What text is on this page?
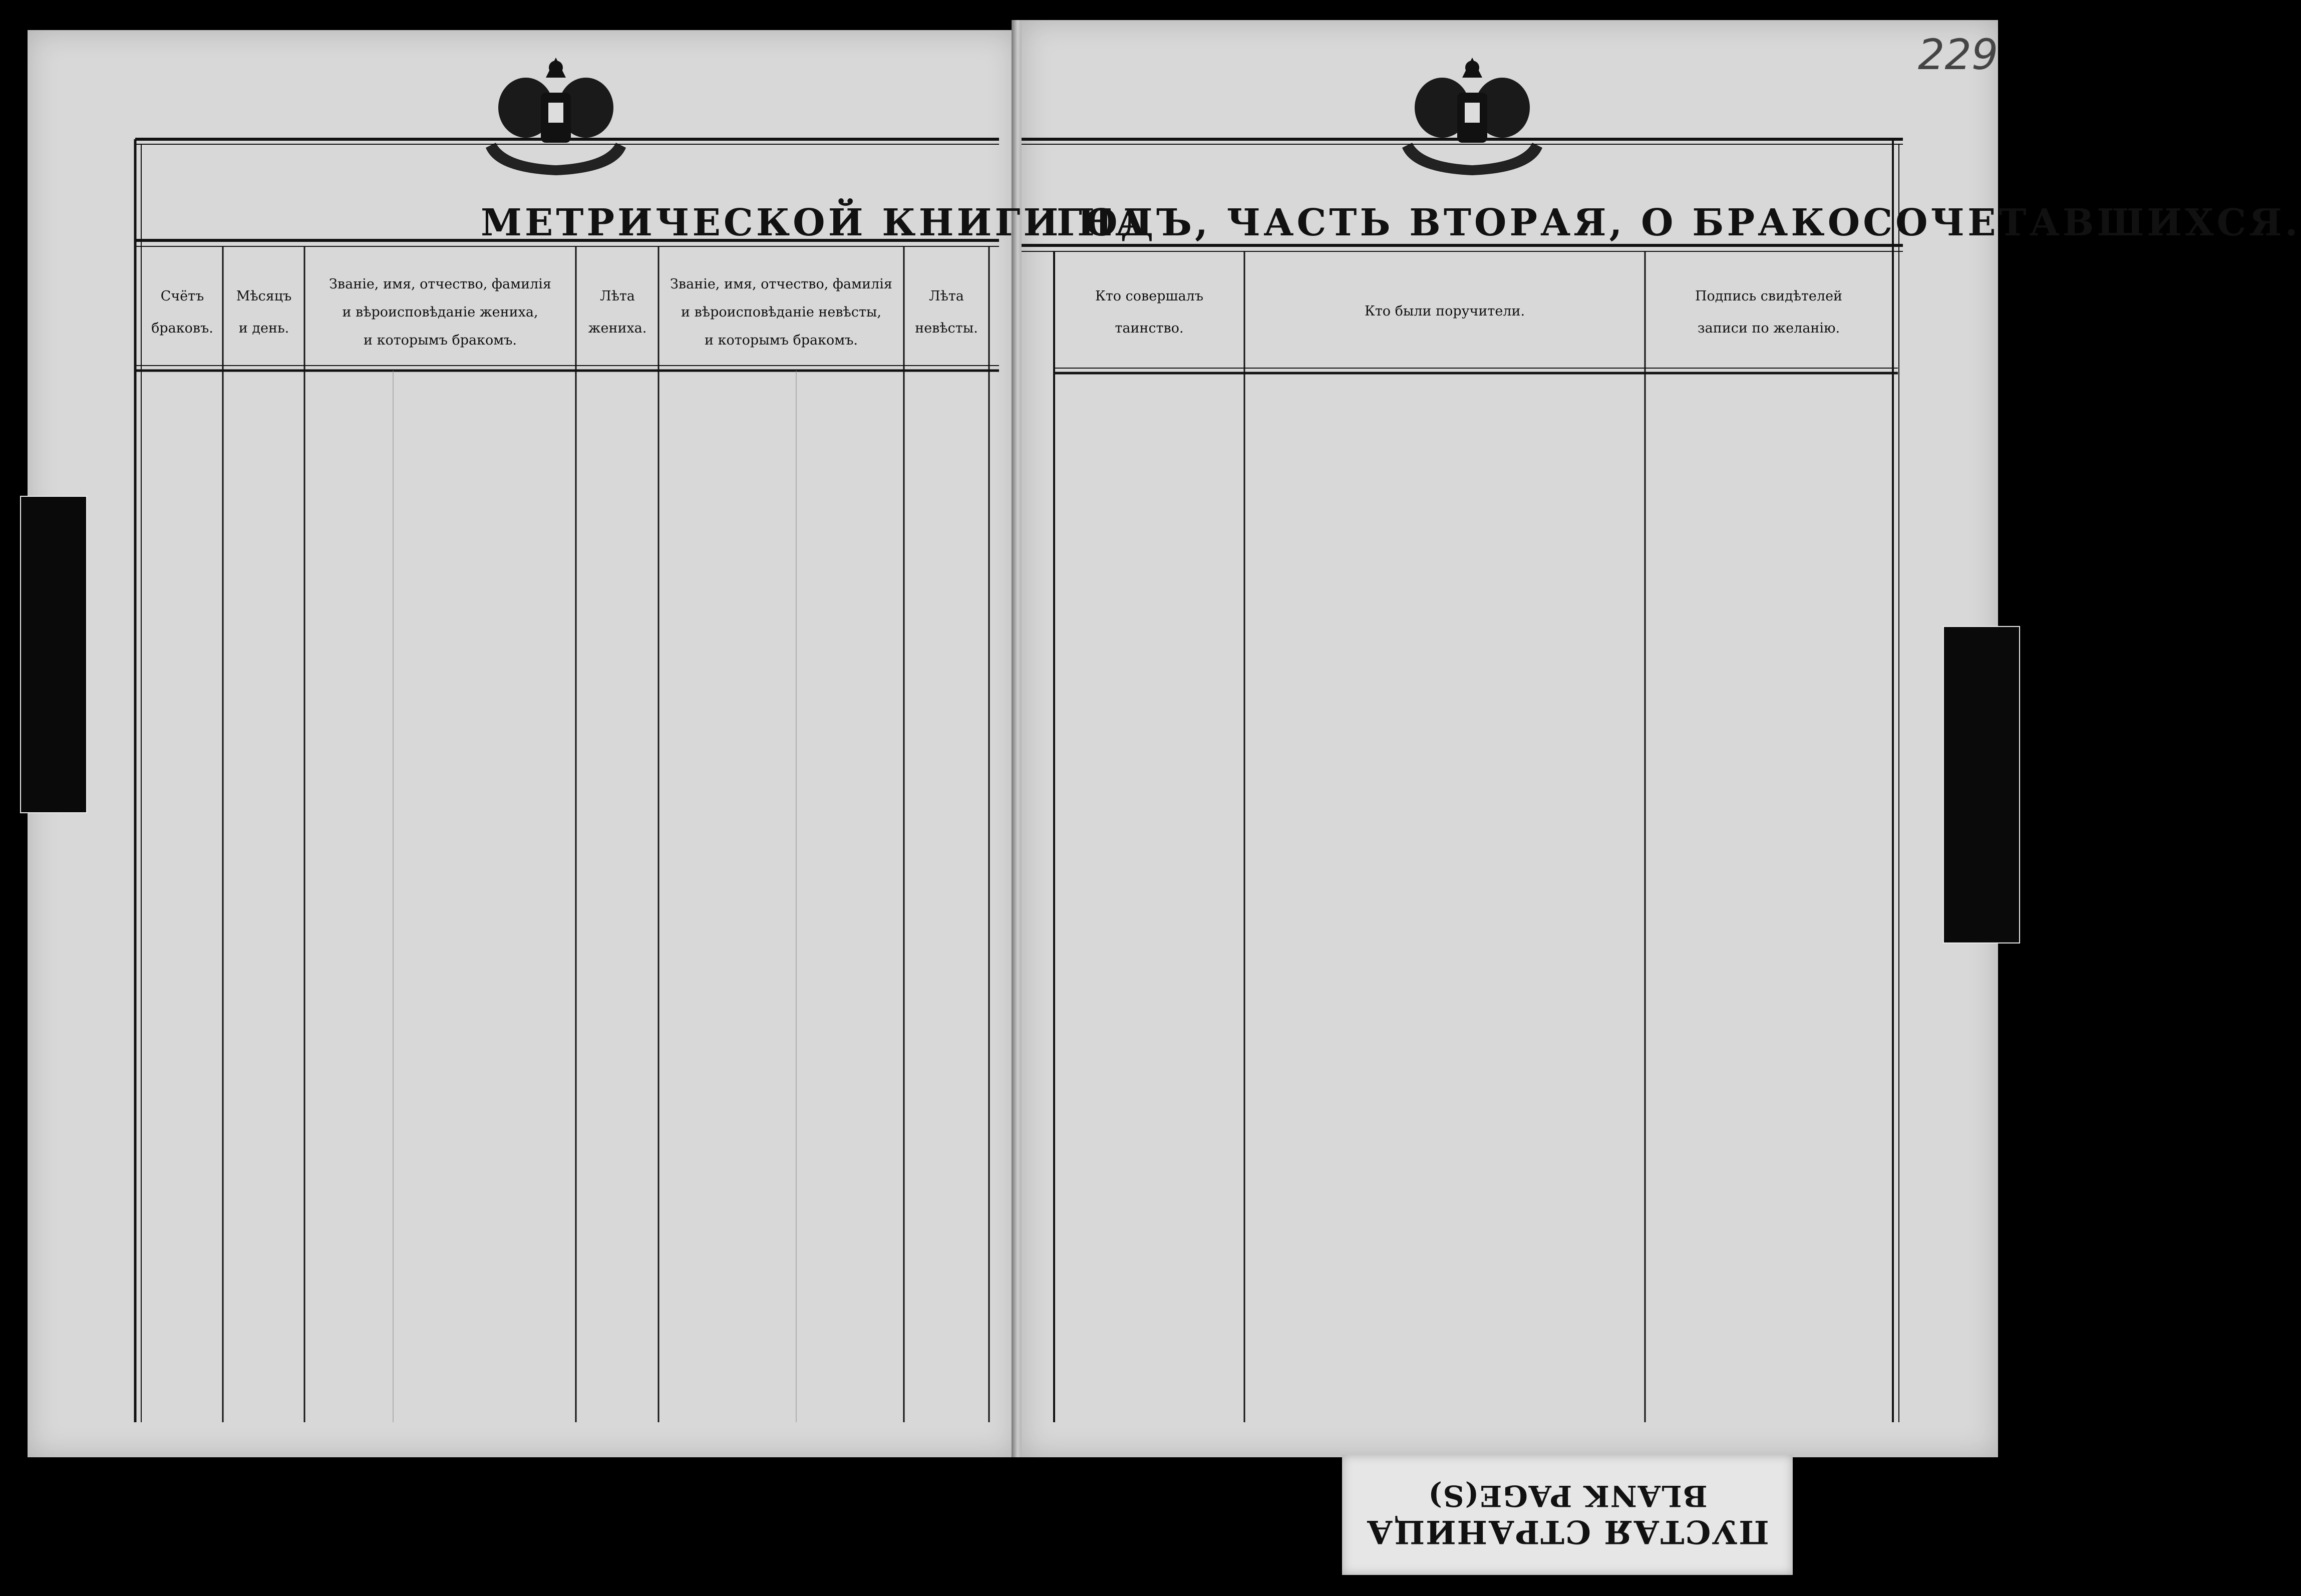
229
МЕТРИЧЕСКОЙ КНИГИ НА
ГОДЪ, ЧАСТЬ ВТОРАЯ, О БРАКОСОЧЕТАВШИХСЯ.
Счётъ
браковъ.
Мѣсяцъ
и день.
Званіе, имя, отчество, фамилія
и вѣроисповѣданіе жениха,
и которымъ бракомъ.
Лѣта
жениха.
Званіе, имя, отчество, фамилія
и вѣроисповѣданіе невѣсты,
и которымъ бракомъ.
Лѣта
невѣсты.
Кто совершалъ
таинство.
Кто были поручители.
Подпись свидѣтелей
записи по желанію.
ПУСТАЯ СТРАНИЦА
BLANK PAGE(S)
